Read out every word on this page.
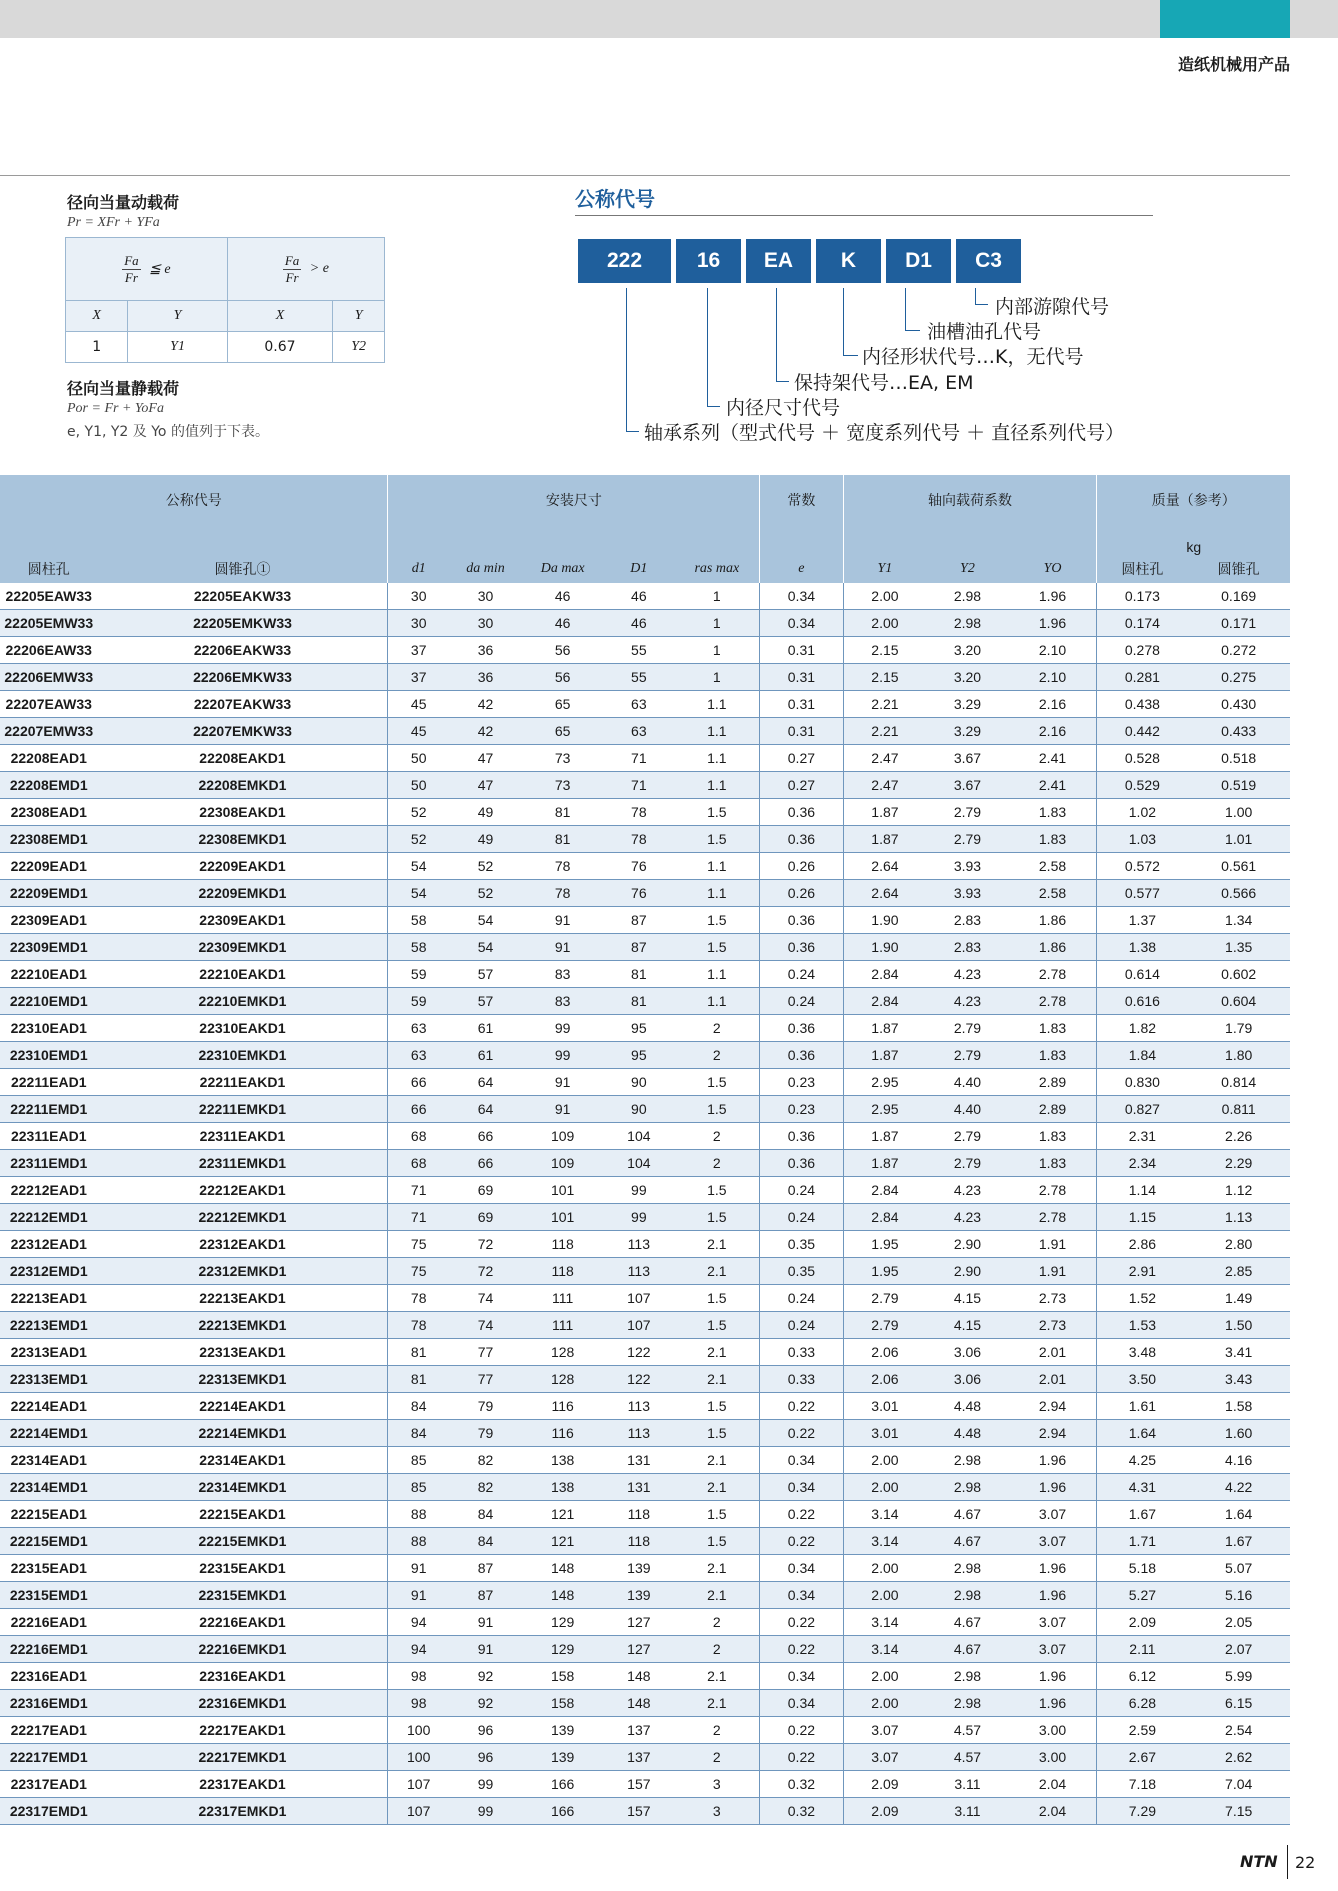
造纸机械用产品
径向当量动载荷
Pr = XFr + YFa
$\frac{Fa}{Fr}$ ≦ e		$\frac{Fa}{Fr} > e$	
X	Y	X	Y
1	Y1	0.67	Y2
径向当量静载荷
Por = Fr + YoFa
e, Y1, Y2 及 Yo 的值列于下表。
公称代号
222	16	EA	K	D1	C3
内部游隙代号
油槽油孔代号
内径形状代号…K，无代号
保持架代号…EA, EM
内径尺寸代号
轴承系列（型式代号 ＋ 宽度系列代号 ＋ 直径系列代号）
公称代号		安装尺寸					常数	轴向载荷系数			质量（参考）	
											kg	
圆柱孔	圆锥孔①	d1	da min	Da max	D1	ras max	e	Y1	Y2	YO	圆柱孔	圆锥孔
22205EAW33	22205EAKW33	30	30	46	46	1	0.34	2.00	2.98	1.96	0.173	0.169
22205EMW33	22205EMKW33	30	30	46	46	1	0.34	2.00	2.98	1.96	0.174	0.171
22206EAW33	22206EAKW33	37	36	56	55	1	0.31	2.15	3.20	2.10	0.278	0.272
22206EMW33	22206EMKW33	37	36	56	55	1	0.31	2.15	3.20	2.10	0.281	0.275
22207EAW33	22207EAKW33	45	42	65	63	1.1	0.31	2.21	3.29	2.16	0.438	0.430
22207EMW33	22207EMKW33	45	42	65	63	1.1	0.31	2.21	3.29	2.16	0.442	0.433
22208EAD1	22208EAKD1	50	47	73	71	1.1	0.27	2.47	3.67	2.41	0.528	0.518
22208EMD1	22208EMKD1	50	47	73	71	1.1	0.27	2.47	3.67	2.41	0.529	0.519
22308EAD1	22308EAKD1	52	49	81	78	1.5	0.36	1.87	2.79	1.83	1.02	1.00
22308EMD1	22308EMKD1	52	49	81	78	1.5	0.36	1.87	2.79	1.83	1.03	1.01
22209EAD1	22209EAKD1	54	52	78	76	1.1	0.26	2.64	3.93	2.58	0.572	0.561
22209EMD1	22209EMKD1	54	52	78	76	1.1	0.26	2.64	3.93	2.58	0.577	0.566
22309EAD1	22309EAKD1	58	54	91	87	1.5	0.36	1.90	2.83	1.86	1.37	1.34
22309EMD1	22309EMKD1	58	54	91	87	1.5	0.36	1.90	2.83	1.86	1.38	1.35
22210EAD1	22210EAKD1	59	57	83	81	1.1	0.24	2.84	4.23	2.78	0.614	0.602
22210EMD1	22210EMKD1	59	57	83	81	1.1	0.24	2.84	4.23	2.78	0.616	0.604
22310EAD1	22310EAKD1	63	61	99	95	2	0.36	1.87	2.79	1.83	1.82	1.79
22310EMD1	22310EMKD1	63	61	99	95	2	0.36	1.87	2.79	1.83	1.84	1.80
22211EAD1	22211EAKD1	66	64	91	90	1.5	0.23	2.95	4.40	2.89	0.830	0.814
22211EMD1	22211EMKD1	66	64	91	90	1.5	0.23	2.95	4.40	2.89	0.827	0.811
22311EAD1	22311EAKD1	68	66	109	104	2	0.36	1.87	2.79	1.83	2.31	2.26
22311EMD1	22311EMKD1	68	66	109	104	2	0.36	1.87	2.79	1.83	2.34	2.29
22212EAD1	22212EAKD1	71	69	101	99	1.5	0.24	2.84	4.23	2.78	1.14	1.12
22212EMD1	22212EMKD1	71	69	101	99	1.5	0.24	2.84	4.23	2.78	1.15	1.13
22312EAD1	22312EAKD1	75	72	118	113	2.1	0.35	1.95	2.90	1.91	2.86	2.80
22312EMD1	22312EMKD1	75	72	118	113	2.1	0.35	1.95	2.90	1.91	2.91	2.85
22213EAD1	22213EAKD1	78	74	111	107	1.5	0.24	2.79	4.15	2.73	1.52	1.49
22213EMD1	22213EMKD1	78	74	111	107	1.5	0.24	2.79	4.15	2.73	1.53	1.50
22313EAD1	22313EAKD1	81	77	128	122	2.1	0.33	2.06	3.06	2.01	3.48	3.41
22313EMD1	22313EMKD1	81	77	128	122	2.1	0.33	2.06	3.06	2.01	3.50	3.43
22214EAD1	22214EAKD1	84	79	116	113	1.5	0.22	3.01	4.48	2.94	1.61	1.58
22214EMD1	22214EMKD1	84	79	116	113	1.5	0.22	3.01	4.48	2.94	1.64	1.60
22314EAD1	22314EAKD1	85	82	138	131	2.1	0.34	2.00	2.98	1.96	4.25	4.16
22314EMD1	22314EMKD1	85	82	138	131	2.1	0.34	2.00	2.98	1.96	4.31	4.22
22215EAD1	22215EAKD1	88	84	121	118	1.5	0.22	3.14	4.67	3.07	1.67	1.64
22215EMD1	22215EMKD1	88	84	121	118	1.5	0.22	3.14	4.67	3.07	1.71	1.67
22315EAD1	22315EAKD1	91	87	148	139	2.1	0.34	2.00	2.98	1.96	5.18	5.07
22315EMD1	22315EMKD1	91	87	148	139	2.1	0.34	2.00	2.98	1.96	5.27	5.16
22216EAD1	22216EAKD1	94	91	129	127	2	0.22	3.14	4.67	3.07	2.09	2.05
22216EMD1	22216EMKD1	94	91	129	127	2	0.22	3.14	4.67	3.07	2.11	2.07
22316EAD1	22316EAKD1	98	92	158	148	2.1	0.34	2.00	2.98	1.96	6.12	5.99
22316EMD1	22316EMKD1	98	92	158	148	2.1	0.34	2.00	2.98	1.96	6.28	6.15
22217EAD1	22217EAKD1	100	96	139	137	2	0.22	3.07	4.57	3.00	2.59	2.54
22217EMD1	22217EMKD1	100	96	139	137	2	0.22	3.07	4.57	3.00	2.67	2.62
22317EAD1	22317EAKD1	107	99	166	157	3	0.32	2.09	3.11	2.04	7.18	7.04
22317EMD1	22317EMKD1	107	99	166	157	3	0.32	2.09	3.11	2.04	7.29	7.15
NTN 22
